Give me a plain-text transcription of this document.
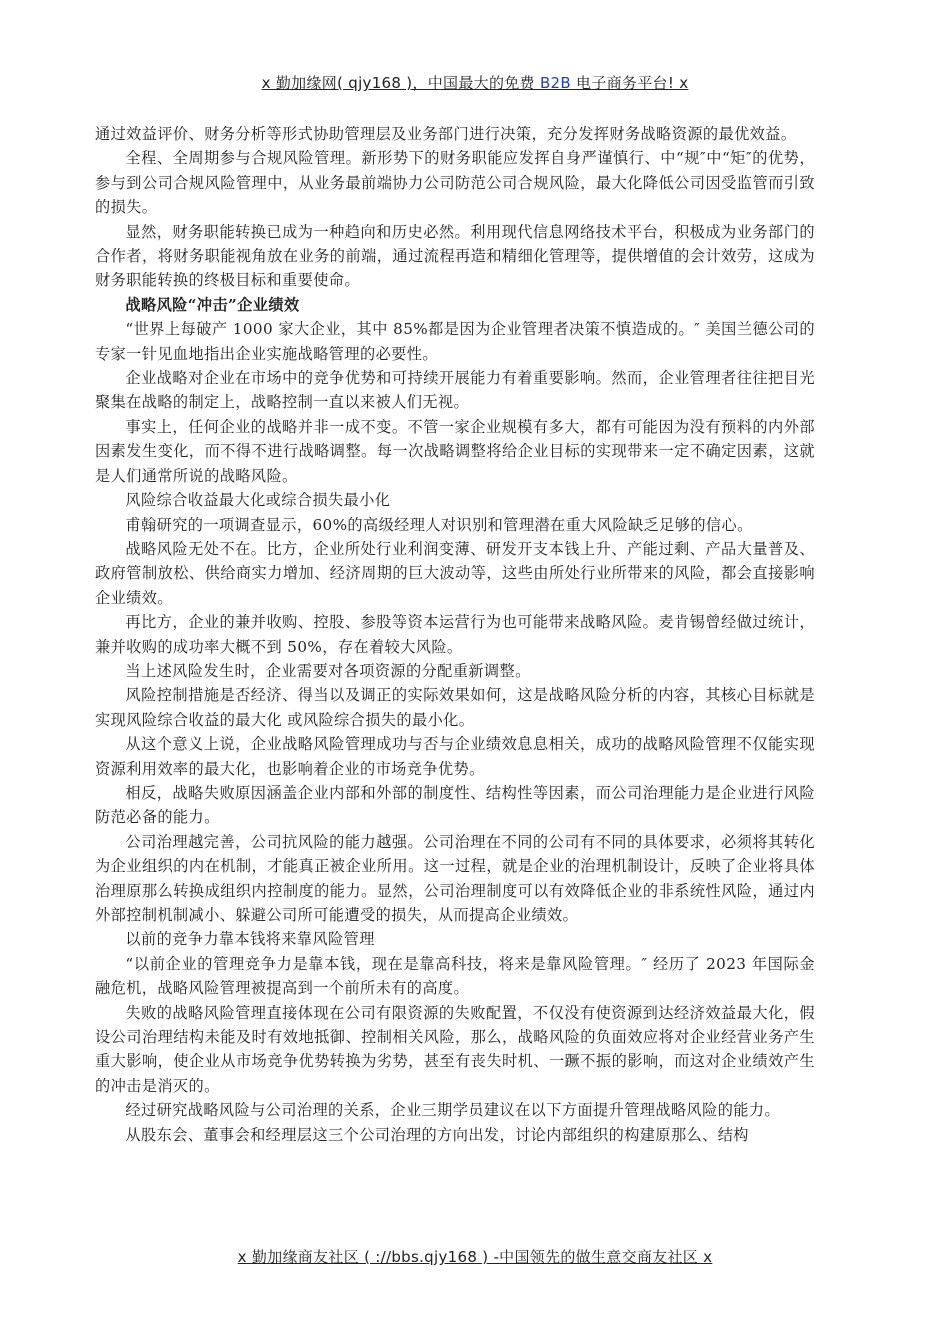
x 勤加缘网( qjy168 )，中国最大的免费 B2B 电子商务平台! x

通过效益评价、财务分析等形式协助管理层及业务部门进行决策，充分发挥财务战略资源的最优效益。

全程、全周期参与合规风险管理。新形势下的财务职能应发挥自身严谨慎行、中“规″中“矩″的优势，参与到公司合规风险管理中，从业务最前端协力公司防范公司合规风险，最大化降低公司因受监管而引致的损失。

显然，财务职能转换已成为一种趋向和历史必然。利用现代信息网络技术平台，积极成为业务部门的合作者，将财务职能视角放在业务的前端，通过流程再造和精细化管理等，提供增值的会计效劳，这成为财务职能转换的终极目标和重要使命。

战略风险“冲击”企业绩效

“世界上每破产 1000 家大企业，其中 85%都是因为企业管理者决策不慎造成的。″ 美国兰德公司的专家一针见血地指出企业实施战略管理的必要性。

企业战略对企业在市场中的竞争优势和可持续开展能力有着重要影响。然而，企业管理者往往把目光聚集在战略的制定上，战略控制一直以来被人们无视。

事实上，任何企业的战略并非一成不变。不管一家企业规模有多大，都有可能因为没有预料的内外部因素发生变化，而不得不进行战略调整。每一次战略调整将给企业目标的实现带来一定不确定因素，这就是人们通常所说的战略风险。

风险综合收益最大化或综合损失最小化

甫翰研究的一项调查显示，60%的高级经理人对识别和管理潜在重大风险缺乏足够的信心。

战略风险无处不在。比方，企业所处行业利润变薄、研发开支本钱上升、产能过剩、产品大量普及、政府管制放松、供给商实力增加、经济周期的巨大波动等，这些由所处行业所带来的风险，都会直接影响企业绩效。

再比方，企业的兼并收购、控股、参股等资本运营行为也可能带来战略风险。麦肯锡曾经做过统计，兼并收购的成功率大概不到 50%，存在着较大风险。

当上述风险发生时，企业需要对各项资源的分配重新调整。

风险控制措施是否经济、得当以及调正的实际效果如何，这是战略风险分析的内容，其核心目标就是实现风险综合收益的最大化 或风险综合损失的最小化。

从这个意义上说，企业战略风险管理成功与否与企业绩效息息相关，成功的战略风险管理不仅能实现资源利用效率的最大化，也影响着企业的市场竞争优势。

相反，战略失败原因涵盖企业内部和外部的制度性、结构性等因素，而公司治理能力是企业进行风险防范必备的能力。

公司治理越完善，公司抗风险的能力越强。公司治理在不同的公司有不同的具体要求，必须将其转化为企业组织的内在机制，才能真正被企业所用。这一过程，就是企业的治理机制设计，反映了企业将具体治理原那么转换成组织内控制度的能力。显然，公司治理制度可以有效降低企业的非系统性风险，通过内外部控制机制减小、躲避公司所可能遭受的损失，从而提高企业绩效。

以前的竞争力靠本钱将来靠风险管理

“以前企业的管理竞争力是靠本钱，现在是靠高科技，将来是靠风险管理。″ 经历了 2023 年国际金融危机，战略风险管理被提高到一个前所未有的高度。

失败的战略风险管理直接体现在公司有限资源的失败配置，不仅没有使资源到达经济效益最大化，假设公司治理结构未能及时有效地抵御、控制相关风险，那么，战略风险的负面效应将对企业经营业务产生重大影响，使企业从市场竞争优势转换为劣势，甚至有丧失时机、一蹶不振的影响，而这对企业绩效产生的冲击是消灭的。

经过研究战略风险与公司治理的关系，企业三期学员建议在以下方面提升管理战略风险的能力。

从股东会、董事会和经理层这三个公司治理的方向出发，讨论内部组织的构建原那么、结构

x 勤加缘商友社区 ( ://bbs.qjy168 ) -中国领先的做生意交商友社区 x
